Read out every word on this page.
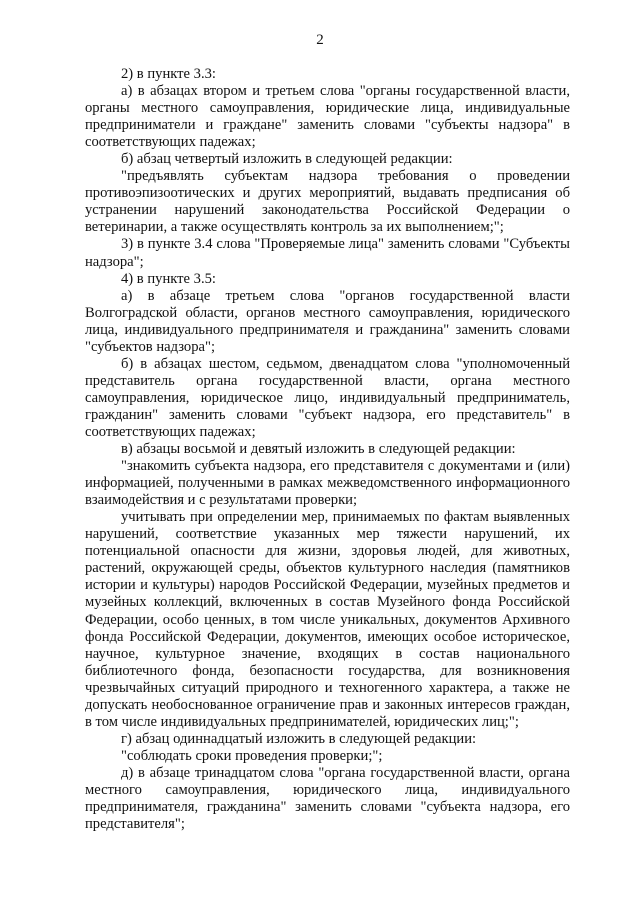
2

2) в пункте 3.3:

а) в абзацах втором и третьем слова "органы государственной власти, органы местного самоуправления, юридические лица, индивидуальные предприниматели и граждане" заменить словами "субъекты надзора" в соответствующих падежах;

б) абзац четвертый изложить в следующей редакции:

"предъявлять субъектам надзора требования о проведении противоэпизоотических и других мероприятий, выдавать предписания об устранении нарушений законодательства Российской Федерации о ветеринарии, а также осуществлять контроль за их выполнением;";

3) в пункте 3.4 слова "Проверяемые лица" заменить словами "Субъекты надзора";

4) в пункте 3.5:

а) в абзаце третьем слова "органов государственной власти Волгоградской области, органов местного самоуправления, юридического лица, индивидуального предпринимателя и гражданина" заменить словами "субъектов надзора";

б) в абзацах шестом, седьмом, двенадцатом слова "уполномоченный представитель органа государственной власти, органа местного самоуправления, юридическое лицо, индивидуальный предприниматель, гражданин" заменить словами "субъект надзора, его представитель" в соответствующих падежах;

в) абзацы восьмой и девятый изложить в следующей редакции:

"знакомить субъекта надзора, его представителя с документами и (или) информацией, полученными в рамках межведомственного информационного взаимодействия и с результатами проверки;

учитывать при определении мер, принимаемых по фактам выявленных нарушений, соответствие указанных мер тяжести нарушений, их потенциальной опасности для жизни, здоровья людей, для животных, растений, окружающей среды, объектов культурного наследия (памятников истории и культуры) народов Российской Федерации, музейных предметов и музейных коллекций, включенных в состав Музейного фонда Российской Федерации, особо ценных, в том числе уникальных, документов Архивного фонда Российской Федерации, документов, имеющих особое историческое, научное, культурное значение, входящих в состав национального библиотечного фонда, безопасности государства, для возникновения чрезвычайных ситуаций природного и техногенного характера, а также не допускать необоснованное ограничение прав и законных интересов граждан, в том числе индивидуальных предпринимателей, юридических лиц;";

г) абзац одиннадцатый изложить в следующей редакции:

"соблюдать сроки проведения проверки;";

д) в абзаце тринадцатом слова "органа государственной власти, органа местного самоуправления, юридического лица, индивидуального предпринимателя, гражданина" заменить словами "субъекта надзора, его представителя";
